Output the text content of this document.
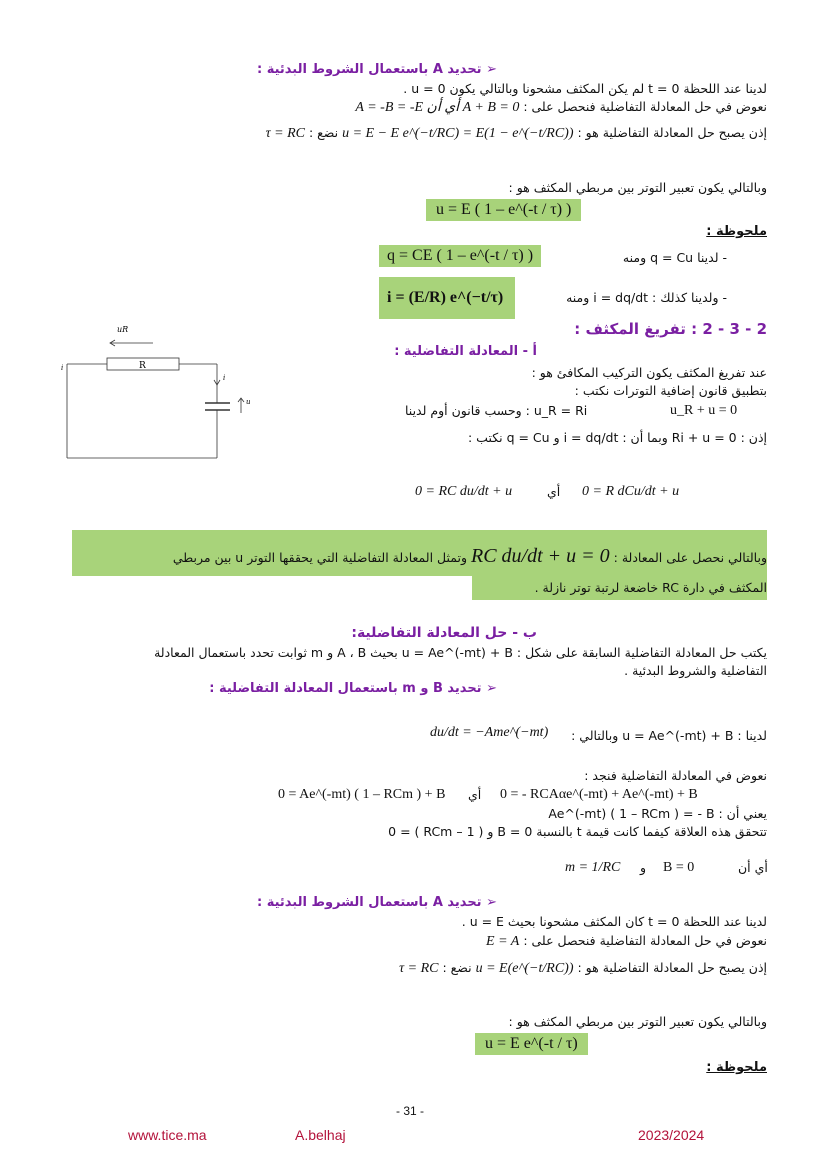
➢ تحديد A باستعمال الشروط البدئية :
لدينا عند اللحظة 0 = t لم يكن المكثف مشحونا وبالتالي يكون 0 = u .
نعوض في حل المعادلة التفاضلية فنحصل على : 0 = A + B أي أن A = -B = -E
إذن يصبح حل المعادلة التفاضلية هو : u = E − E e^(−t/RC) = E(1 − e^(−t/RC)) نضع : τ = RC
وبالتالي يكون تعبير التوتر بين مربطي المكثف هو :
u = E ( 1 – e^(-t / τ) )
ملحوظة :
- لدينا q = Cu ومنه
q = CE ( 1 – e^(-t / τ) )
- ولدينا كذلك : i = dq/dt ومنه
i = (E/R) e^(−t/τ)
2 - 3 - 2 : تفريغ المكثف :
أ - المعادلة التفاضلية :
عند تفريغ المكثف يكون التركيب المكافئ هو :
بتطبيق قانون إضافية التوترات نكتب :
وحسب قانون أوم لدينا : u_R = Ri	u_R + u = 0
إذن : 0 = Ri + u وبما أن : i = dq/dt و q = Cu نكتب :
0 = RC du/dt + u	أي 0 = R dCu/dt + u
وبالتالي نحصل على المعادلة : RC du/dt + u = 0 وتمثل المعادلة التفاضلية التي يحققها التوتر u بين مربطي
المكثف في دارة RC خاضعة لرتبة توتر نازلة .
uR
R
i
i
u
ب - حل المعادلة التفاضلية:
يكتب حل المعادلة التفاضلية السابقة على شكل : u = Ae^(-mt) + B بحيث A ، B و m ثوابت تحدد باستعمال المعادلة
التفاضلية والشروط البدئية .
➢ تحديد B و m باستعمال المعادلة التفاضلية :
لدينا : u = Ae^(-mt) + B وبالتالي :
du/dt = −Ame^(−mt)
نعوض في المعادلة التفاضلية فنجد :
0 = - RCAαe^(-mt) + Ae^(-mt) + B
أي
0 = Ae^(-mt) ( 1 – RCm ) + B
يعني أن : Ae^(-mt) ( 1 – RCm ) = - B
تتحقق هذه العلاقة كيفما كانت قيمة t بالنسبة B = 0 و ( 1 – RCm ) = 0
أي أن
B = 0
و
m = 1/RC
➢ تحديد A باستعمال الشروط البدئية :
لدينا عند اللحظة 0 = t كان المكثف مشحونا بحيث u = E .
نعوض في حل المعادلة التفاضلية فنحصل على : E = A
إذن يصبح حل المعادلة التفاضلية هو : u = E(e^(−t/RC)) نضع : τ = RC
وبالتالي يكون تعبير التوتر بين مربطي المكثف هو :
u = E e^(-t / τ)
ملحوظة :
- 31 -
www.tice.ma	A.belhaj	2023/2024
